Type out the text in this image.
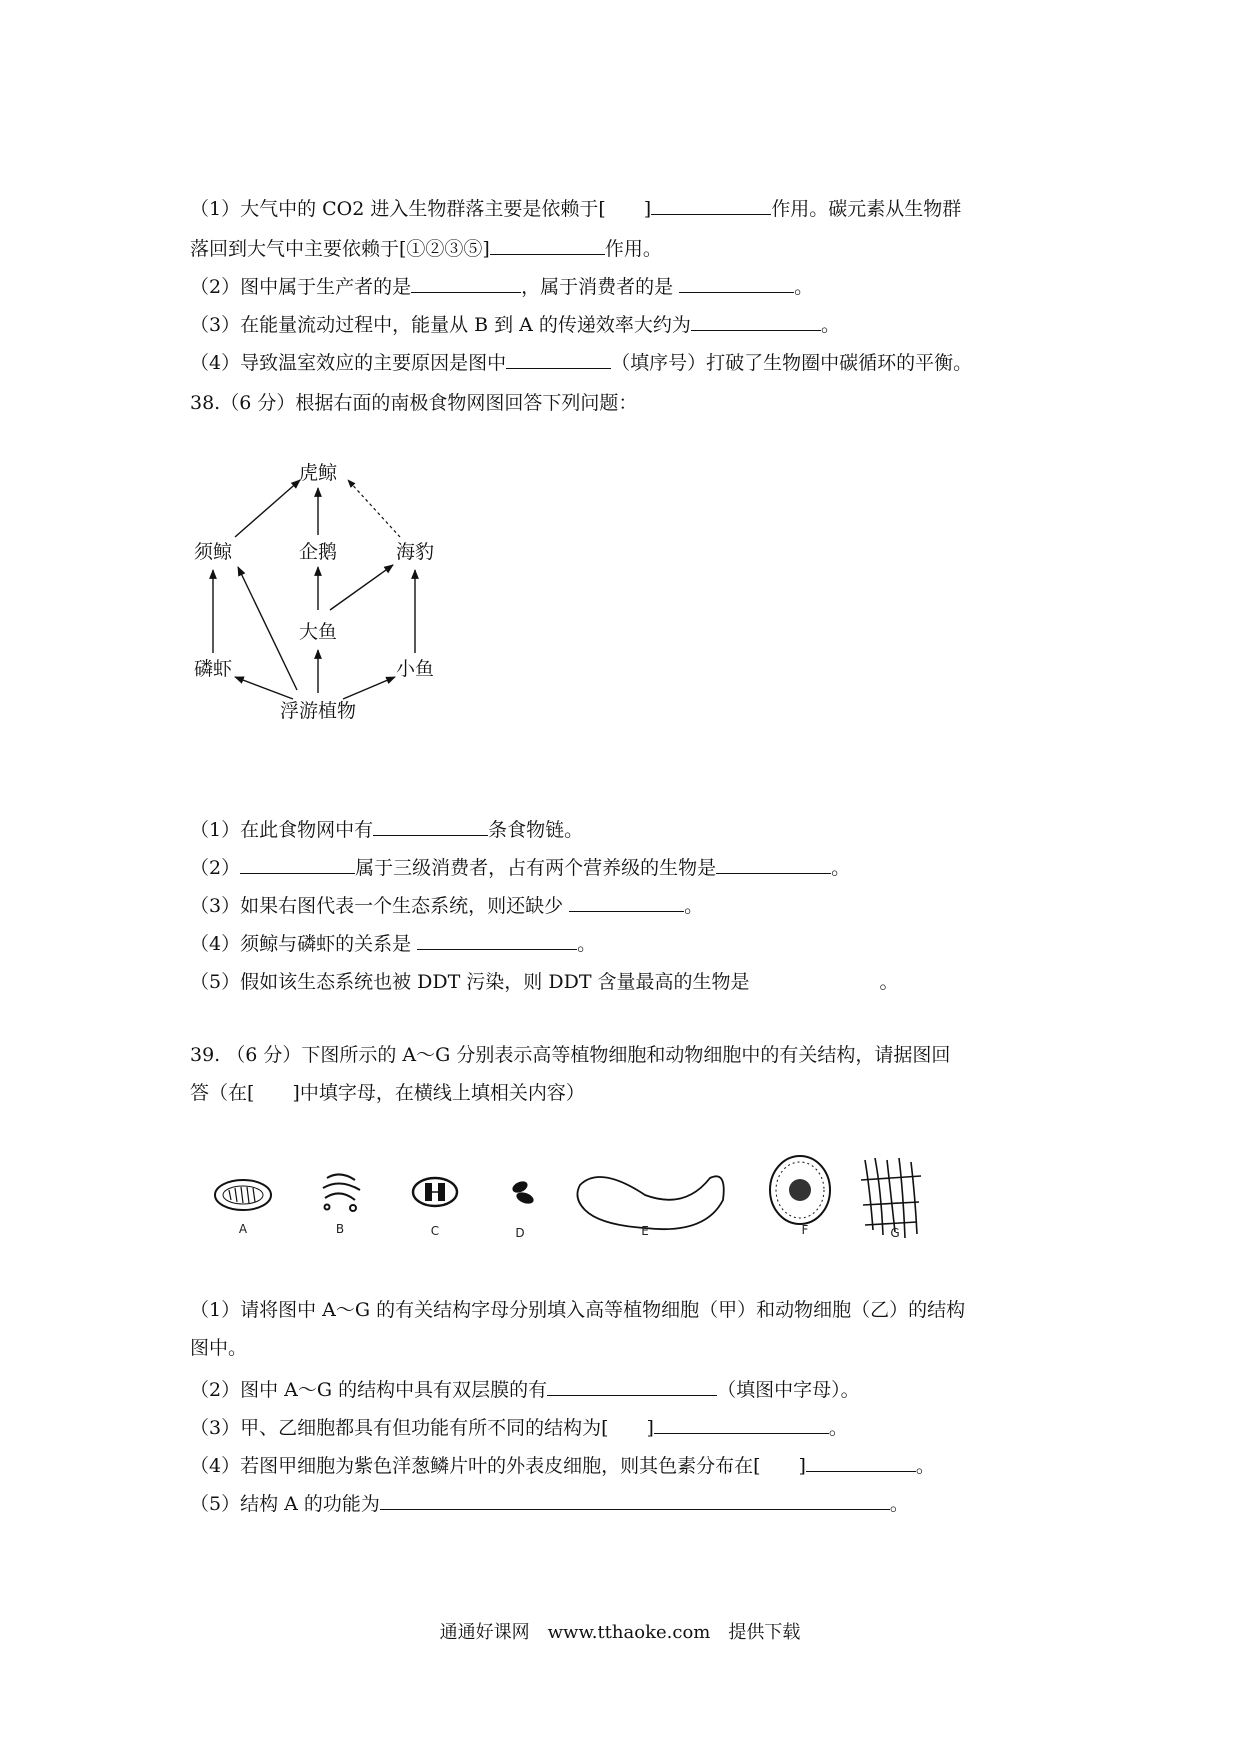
（1）大气中的 CO2 进入生物群落主要是依赖于[　　]	作用。碳元素从生物群
落回到大气中主要依赖于[①②③⑤]	作用。
（2）图中属于生产者的是	，属于消费者的是	。
（3）在能量流动过程中，能量从 B 到 A 的传递效率大约为	。
（4）导致温室效应的主要原因是图中	（填序号）打破了生物圈中碳循环的平衡。
38.（6 分）根据右面的南极食物网图回答下列问题：
虎鲸
须鲸	企鹅	海豹
大鱼
磷虾	小鱼
浮游植物
（1）在此食物网中有	条食物链。
（2）	属于三级消费者，占有两个营养级的生物是	。
（3）如果右图代表一个生态系统，则还缺少	。
（4）须鲸与磷虾的关系是	。
（5）假如该生态系统也被 DDT 污染，则 DDT 含量最高的生物是	。
39. （6 分）下图所示的 A～G 分别表示高等植物细胞和动物细胞中的有关结构，请据图回
答（在[　　]中填字母，在横线上填相关内容）
A	B	C	D	E	F	G
（1）请将图中 A～G 的有关结构字母分别填入高等植物细胞（甲）和动物细胞（乙）的结构
图中。
（2）图中 A～G 的结构中具有双层膜的有	（填图中字母）。
（3）甲、乙细胞都具有但功能有所不同的结构为[　　]	。
（4）若图甲细胞为紫色洋葱鳞片叶的外表皮细胞，则其色素分布在[　　]	。
（5）结构 A 的功能为	。
通通好课网　www.tthaoke.com　提供下载
